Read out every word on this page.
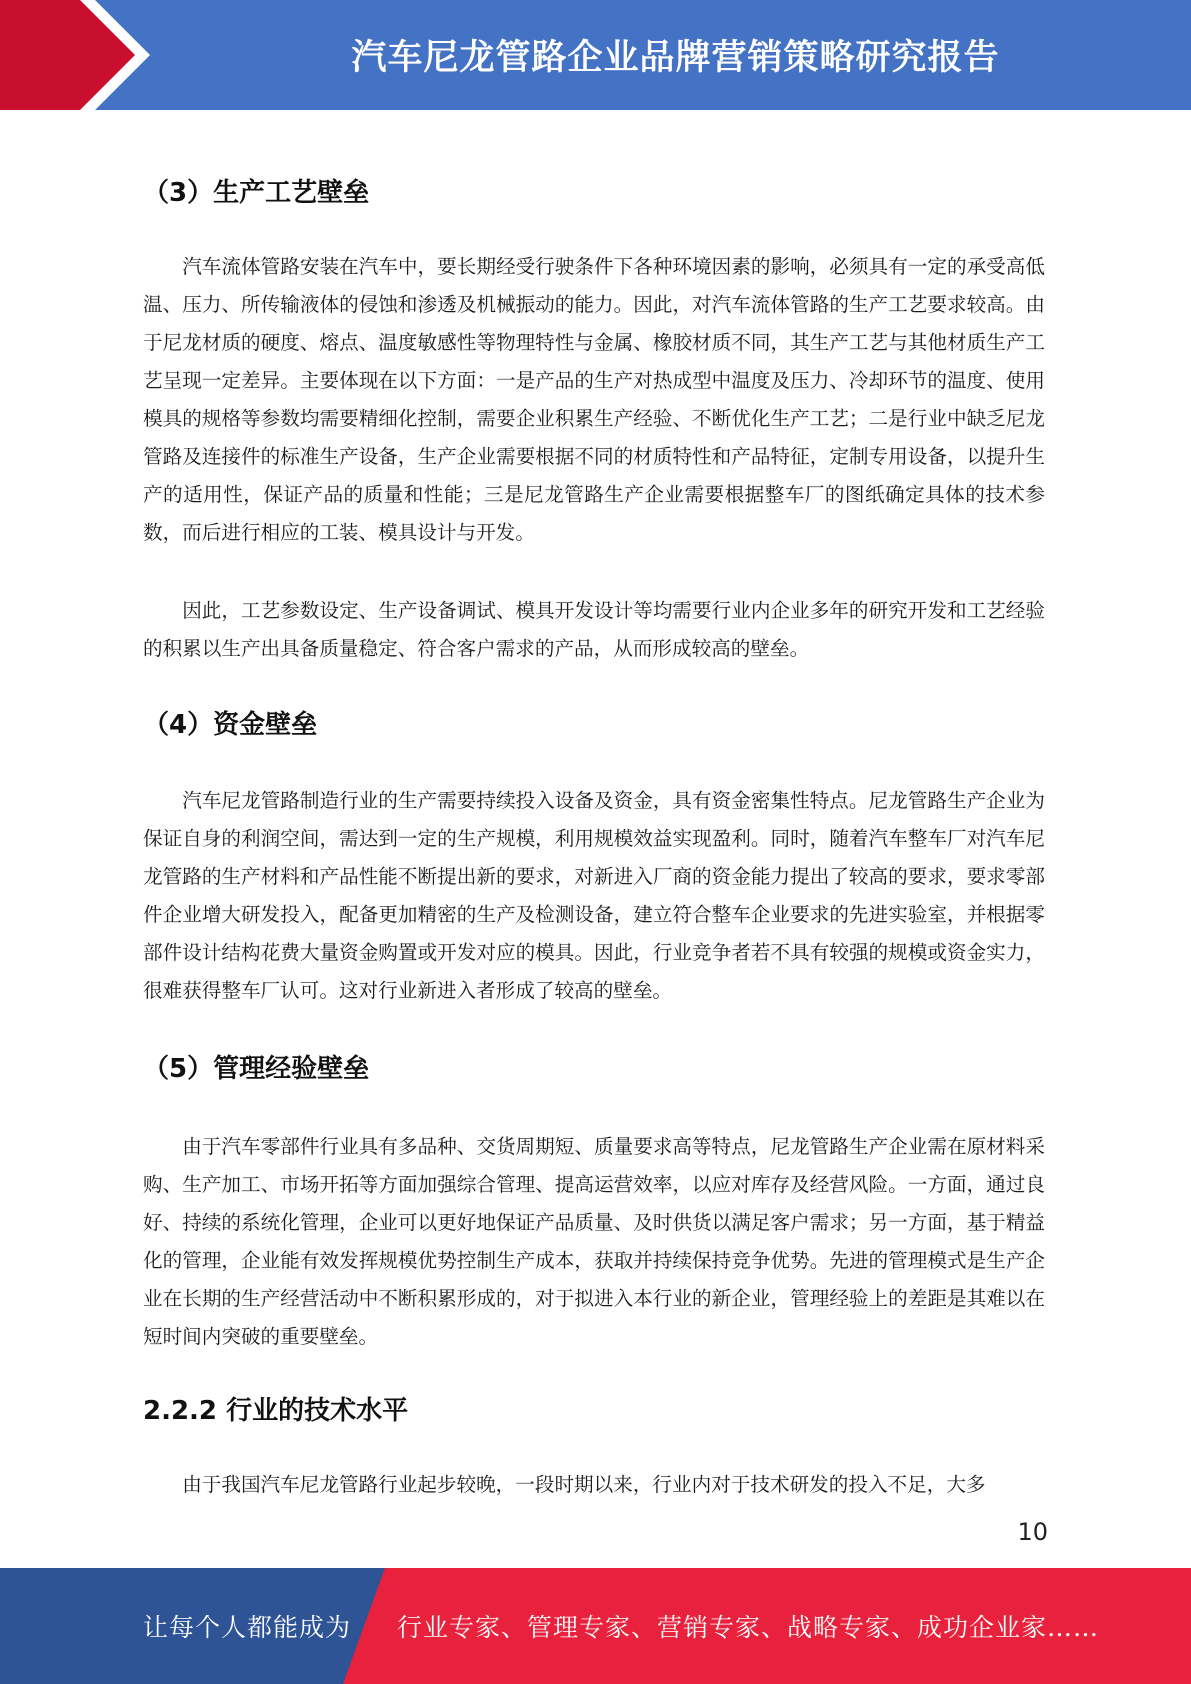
汽车尼龙管路企业品牌营销策略研究报告
（3）生产工艺壁垒

汽车流体管路安装在汽车中，要长期经受行驶条件下各种环境因素的影响，必须具有一定的承受高低温、压力、所传输液体的侵蚀和渗透及机械振动的能力。因此，对汽车流体管路的生产工艺要求较高。由于尼龙材质的硬度、熔点、温度敏感性等物理特性与金属、橡胶材质不同，其生产工艺与其他材质生产工艺呈现一定差异。主要体现在以下方面：一是产品的生产对热成型中温度及压力、冷却环节的温度、使用模具的规格等参数均需要精细化控制，需要企业积累生产经验、不断优化生产工艺；二是行业中缺乏尼龙管路及连接件的标准生产设备，生产企业需要根据不同的材质特性和产品特征，定制专用设备，以提升生产的适用性，保证产品的质量和性能；三是尼龙管路生产企业需要根据整车厂的图纸确定具体的技术参数，而后进行相应的工装、模具设计与开发。

因此，工艺参数设定、生产设备调试、模具开发设计等均需要行业内企业多年的研究开发和工艺经验的积累以生产出具备质量稳定、符合客户需求的产品，从而形成较高的壁垒。

（4）资金壁垒

汽车尼龙管路制造行业的生产需要持续投入设备及资金，具有资金密集性特点。尼龙管路生产企业为保证自身的利润空间，需达到一定的生产规模，利用规模效益实现盈利。同时，随着汽车整车厂对汽车尼龙管路的生产材料和产品性能不断提出新的要求，对新进入厂商的资金能力提出了较高的要求，要求零部件企业增大研发投入，配备更加精密的生产及检测设备，建立符合整车企业要求的先进实验室，并根据零部件设计结构花费大量资金购置或开发对应的模具。因此，行业竞争者若不具有较强的规模或资金实力，很难获得整车厂认可。这对行业新进入者形成了较高的壁垒。

（5）管理经验壁垒

由于汽车零部件行业具有多品种、交货周期短、质量要求高等特点，尼龙管路生产企业需在原材料采购、生产加工、市场开拓等方面加强综合管理、提高运营效率，以应对库存及经营风险。一方面，通过良好、持续的系统化管理，企业可以更好地保证产品质量、及时供货以满足客户需求；另一方面，基于精益化的管理，企业能有效发挥规模优势控制生产成本，获取并持续保持竞争优势。先进的管理模式是生产企业在长期的生产经营活动中不断积累形成的，对于拟进入本行业的新企业，管理经验上的差距是其难以在短时间内突破的重要壁垒。

2.2.2 行业的技术水平

由于我国汽车尼龙管路行业起步较晚，一段时期以来，行业内对于技术研发的投入不足，大多

10
让每个人都能成为 行业专家、管理专家、营销专家、战略专家、成功企业家……
